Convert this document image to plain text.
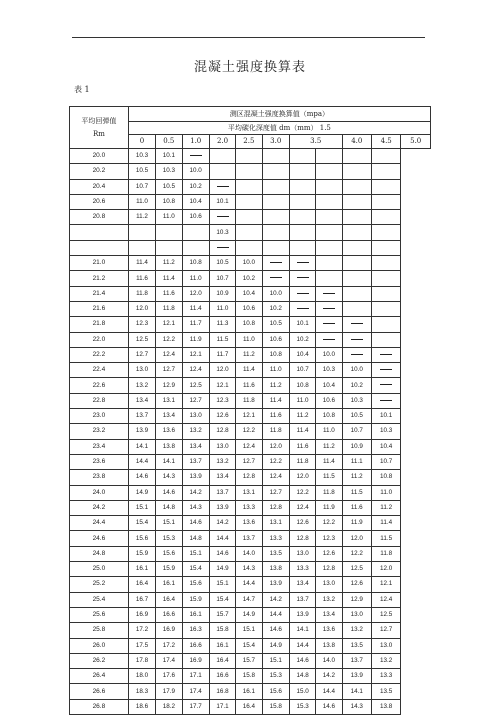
混凝土强度换算表
表 1
平均回弹值
Rm	测区混凝土强度换算值（mpa）										
	平均碳化深度值 dm（mm） 1.5										
	0	0.5	1.0	2.0	2.5	3.0	3.5		4.0	4.5	5.0
20.0	10.3	10.1									
20.2	10.5	10.3	10.0								
20.4	10.7	10.5	10.2								
20.6	11.0	10.8	10.4	10.1							
20.8	11.2	11.0	10.6								
				10.3							

21.0	11.4	11.2	10.8	10.5	10.0						
21.2	11.6	11.4	11.0	10.7	10.2						
21.4	11.8	11.6	12.0	10.9	10.4	10.0					
21.6	12.0	11.8	11.4	11.0	10.6	10.2					
21.8	12.3	12.1	11.7	11.3	10.8	10.5	10.1				
22.0	12.5	12.2	11.9	11.5	11.0	10.6	10.2				
22.2	12.7	12.4	12.1	11.7	11.2	10.8	10.4	10.0			
22.4	13.0	12.7	12.4	12.0	11.4	11.0	10.7	10.3	10.0		
22.6	13.2	12.9	12.5	12.1	11.6	11.2	10.8	10.4	10.2		
22.8	13.4	13.1	12.7	12.3	11.8	11.4	11.0	10.6	10.3		
23.0	13.7	13.4	13.0	12.6	12.1	11.6	11.2	10.8	10.5	10.1	
23.2	13.9	13.6	13.2	12.8	12.2	11.8	11.4	11.0	10.7	10.3	
23.4	14.1	13.8	13.4	13.0	12.4	12.0	11.6	11.2	10.9	10.4	
23.6	14.4	14.1	13.7	13.2	12.7	12.2	11.8	11.4	11.1	10.7	
23.8	14.6	14.3	13.9	13.4	12.8	12.4	12.0	11.5	11.2	10.8	
24.0	14.9	14.6	14.2	13.7	13.1	12.7	12.2	11.8	11.5	11.0	
24.2	15.1	14.8	14.3	13.9	13.3	12.8	12.4	11.9	11.6	11.2	
24.4	15.4	15.1	14.6	14.2	13.6	13.1	12.6	12.2	11.9	11.4	
24.6	15.6	15.3	14.8	14.4	13.7	13.3	12.8	12.3	12.0	11.5	
24.8	15.9	15.6	15.1	14.6	14.0	13.5	13.0	12.6	12.2	11.8	
25.0	16.1	15.9	15.4	14.9	14.3	13.8	13.3	12.8	12.5	12.0	
25.2	16.4	16.1	15.6	15.1	14.4	13.9	13.4	13.0	12.6	12.1	
25.4	16.7	16.4	15.9	15.4	14.7	14.2	13.7	13.2	12.9	12.4	
25.6	16.9	16.6	16.1	15.7	14.9	14.4	13.9	13.4	13.0	12.5	
25.8	17.2	16.9	16.3	15.8	15.1	14.6	14.1	13.6	13.2	12.7	
26.0	17.5	17.2	16.6	16.1	15.4	14.9	14.4	13.8	13.5	13.0	
26.2	17.8	17.4	16.9	16.4	15.7	15.1	14.6	14.0	13.7	13.2	
26.4	18.0	17.6	17.1	16.6	15.8	15.3	14.8	14.2	13.9	13.3	
26.6	18.3	17.9	17.4	16.8	16.1	15.6	15.0	14.4	14.1	13.5	
26.8	18.6	18.2	17.7	17.1	16.4	15.8	15.3	14.6	14.3	13.8	
